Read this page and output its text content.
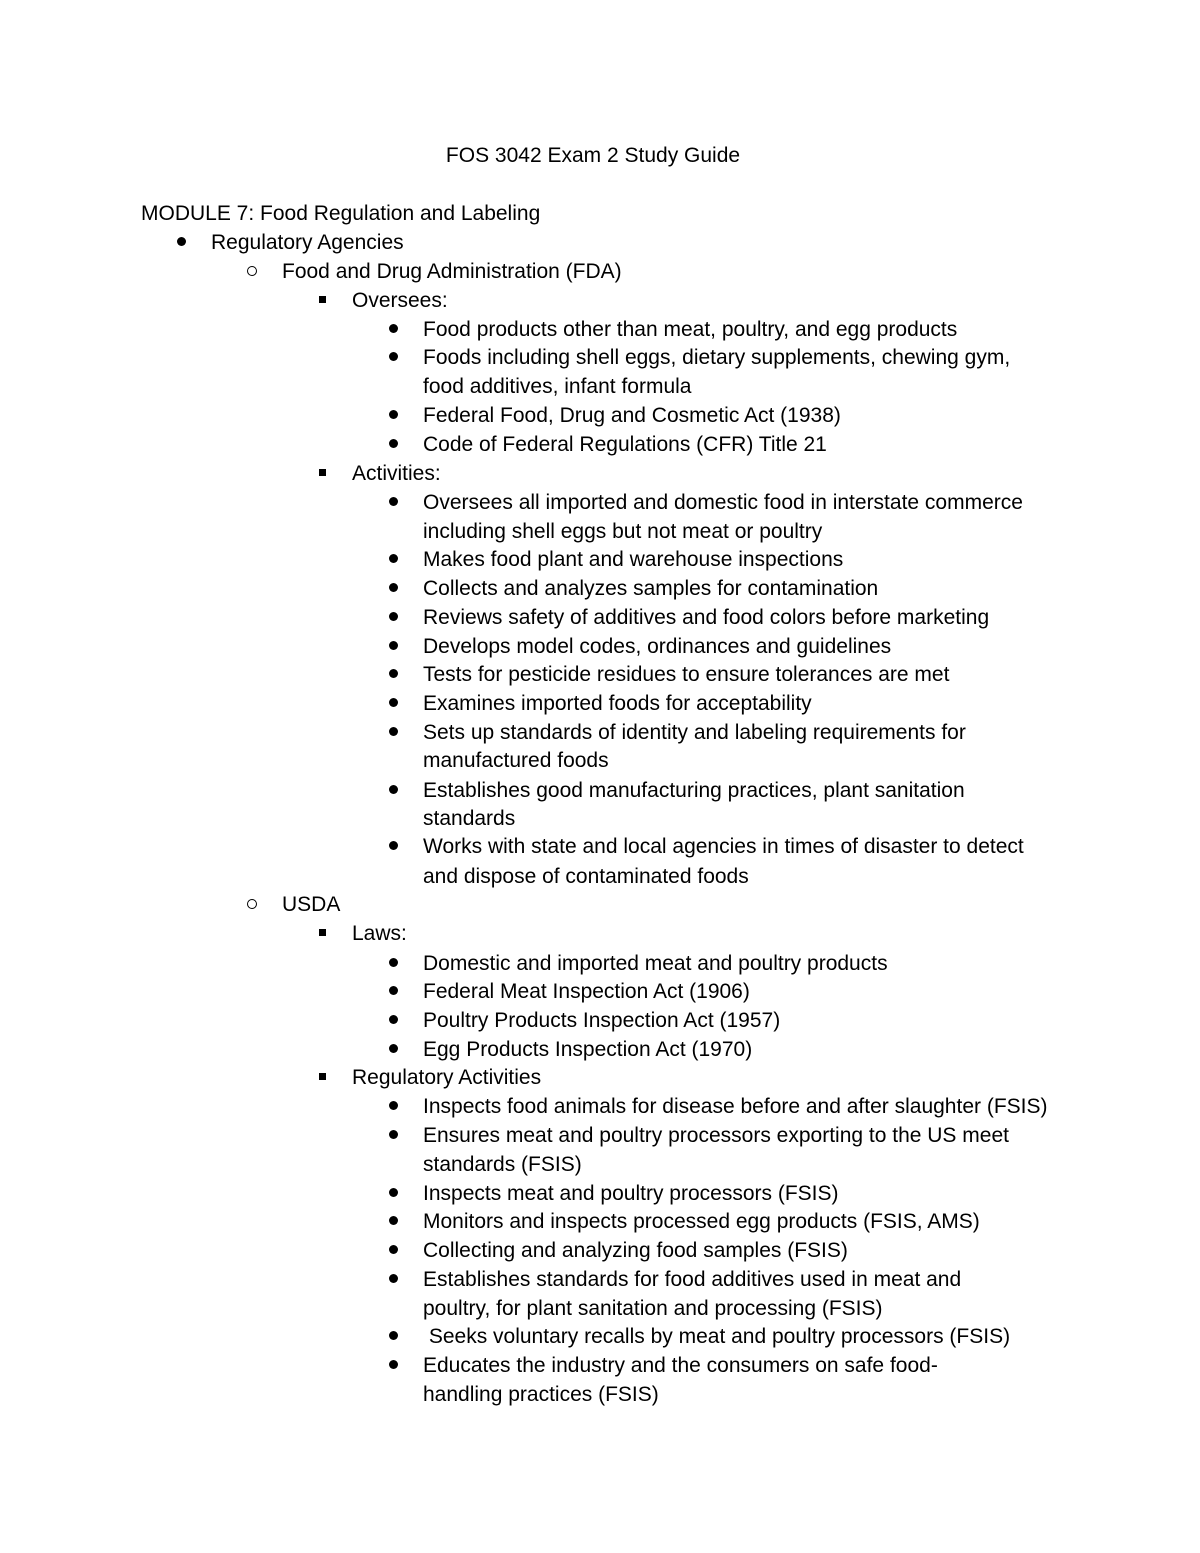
FOS 3042 Exam 2 Study Guide
MODULE 7: Food Regulation and Labeling
Regulatory Agencies
Food and Drug Administration (FDA)
Oversees:
Food products other than meat, poultry, and egg products
Foods including shell eggs, dietary supplements, chewing gym,
food additives, infant formula
Federal Food, Drug and Cosmetic Act (1938)
Code of Federal Regulations (CFR) Title 21
Activities:
Oversees all imported and domestic food in interstate commerce
including shell eggs but not meat or poultry
Makes food plant and warehouse inspections
Collects and analyzes samples for contamination
Reviews safety of additives and food colors before marketing
Develops model codes, ordinances and guidelines
Tests for pesticide residues to ensure tolerances are met
Examines imported foods for acceptability
Sets up standards of identity and labeling requirements for
manufactured foods
Establishes good manufacturing practices, plant sanitation
standards
Works with state and local agencies in times of disaster to detect
and dispose of contaminated foods
USDA
Laws:
Domestic and imported meat and poultry products
Federal Meat Inspection Act (1906)
Poultry Products Inspection Act (1957)
Egg Products Inspection Act (1970)
Regulatory Activities
Inspects food animals for disease before and after slaughter (FSIS)
Ensures meat and poultry processors exporting to the US meet
standards (FSIS)
Inspects meat and poultry processors (FSIS)
Monitors and inspects processed egg products (FSIS, AMS)
Collecting and analyzing food samples (FSIS)
Establishes standards for food additives used in meat and
poultry, for plant sanitation and processing (FSIS)
Seeks voluntary recalls by meat and poultry processors (FSIS)
Educates the industry and the consumers on safe food-
handling practices (FSIS)
